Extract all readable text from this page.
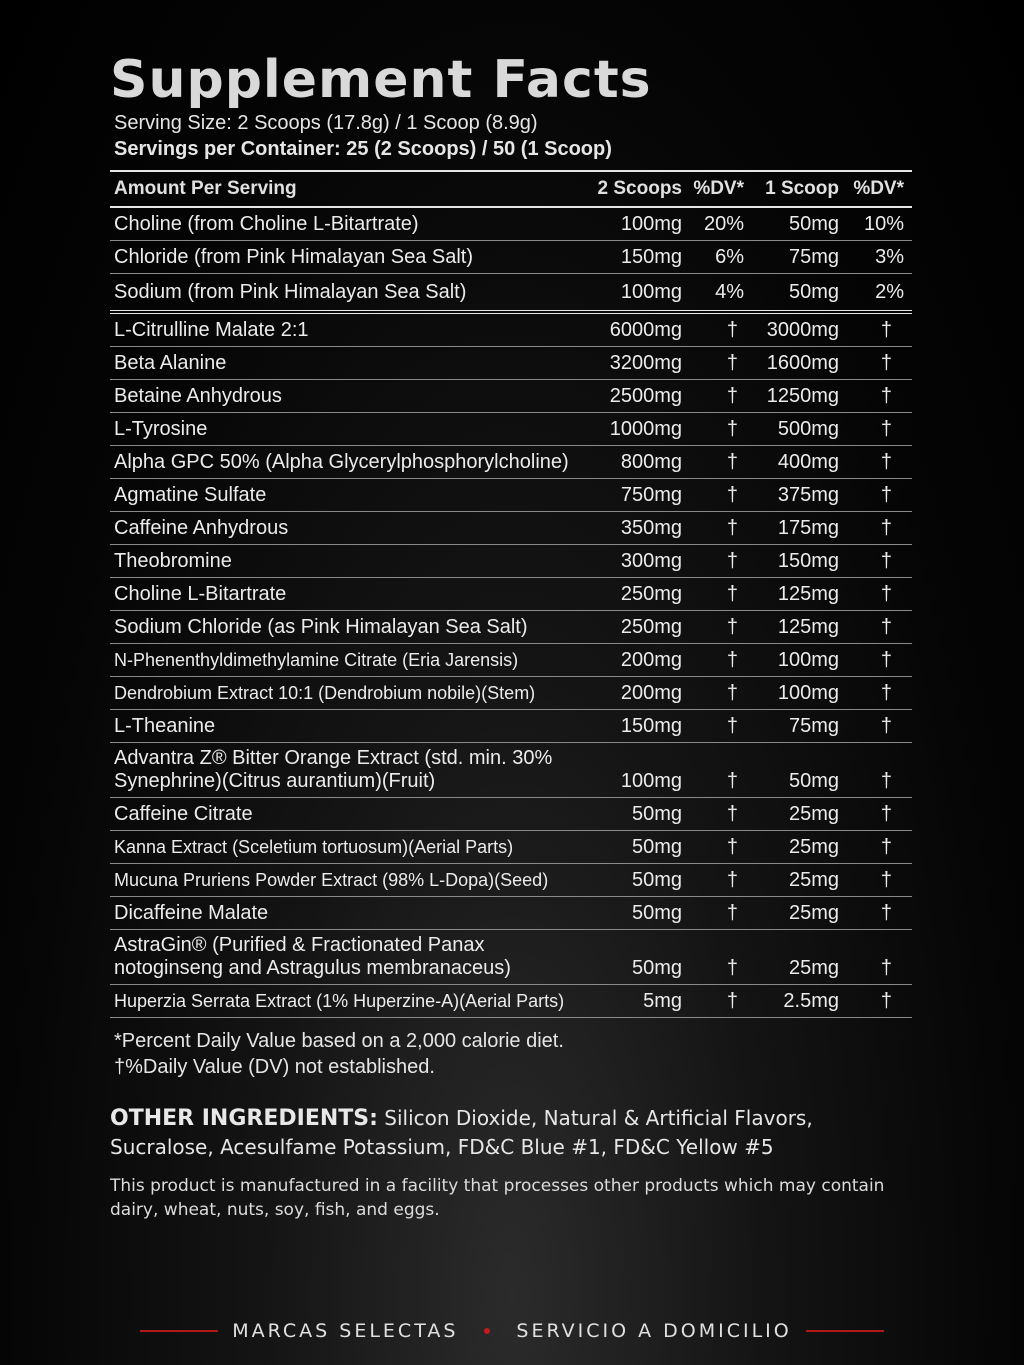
Supplement Facts
Serving Size: 2 Scoops (17.8g) / 1 Scoop (8.9g)
Servings per Container: 25 (2 Scoops) / 50 (1 Scoop)
Amount Per Serving	2 Scoops %DV*	1 Scoop %DV*
Choline (from Choline L-Bitartrate)	100mg	20%	50mg	10%
Chloride (from Pink Himalayan Sea Salt)	150mg	6%	75mg	3%
Sodium (from Pink Himalayan Sea Salt)	100mg	4%	50mg	2%
L-Citrulline Malate 2:1	6000mg	†	3000mg	†
Beta Alanine	3200mg	†	1600mg	†
Betaine Anhydrous	2500mg	†	1250mg	†
L-Tyrosine	1000mg	†	500mg	†
Alpha GPC 50% (Alpha Glycerylphosphorylcholine)	800mg	†	400mg	†
Agmatine Sulfate	750mg	†	375mg	†
Caffeine Anhydrous	350mg	†	175mg	†
Theobromine	300mg	†	150mg	†
Choline L-Bitartrate	250mg	†	125mg	†
Sodium Chloride (as Pink Himalayan Sea Salt)	250mg	†	125mg	†
N-Phenenthyldimethylamine Citrate (Eria Jarensis)	200mg	†	100mg	†
Dendrobium Extract 10:1 (Dendrobium nobile)(Stem)	200mg	†	100mg	†
L-Theanine	150mg	†	75mg	†
Advantra Z® Bitter Orange Extract (std. min. 30%
Synephrine)(Citrus aurantium)(Fruit)	100mg	†	50mg	†
Caffeine Citrate	50mg	†	25mg	†
Kanna Extract (Sceletium tortuosum)(Aerial Parts)	50mg	†	25mg	†
Mucuna Pruriens Powder Extract (98% L-Dopa)(Seed)	50mg	†	25mg	†
Dicaffeine Malate	50mg	†	25mg	†
AstraGin® (Purified & Fractionated Panax
notoginseng and Astragulus membranaceus)	50mg	†	25mg	†
Huperzia Serrata Extract (1% Huperzine-A)(Aerial Parts)	5mg	†	2.5mg	†
*Percent Daily Value based on a 2,000 calorie diet.
†%Daily Value (DV) not established.
OTHER INGREDIENTS: Silicon Dioxide, Natural & Artificial Flavors, Sucralose, Acesulfame Potassium, FD&C Blue #1, FD&C Yellow #5
This product is manufactured in a facility that processes other products which may contain dairy, wheat, nuts, soy, fish, and eggs.
MARCAS SELECTAS	SERVICIO A DOMICILIO
